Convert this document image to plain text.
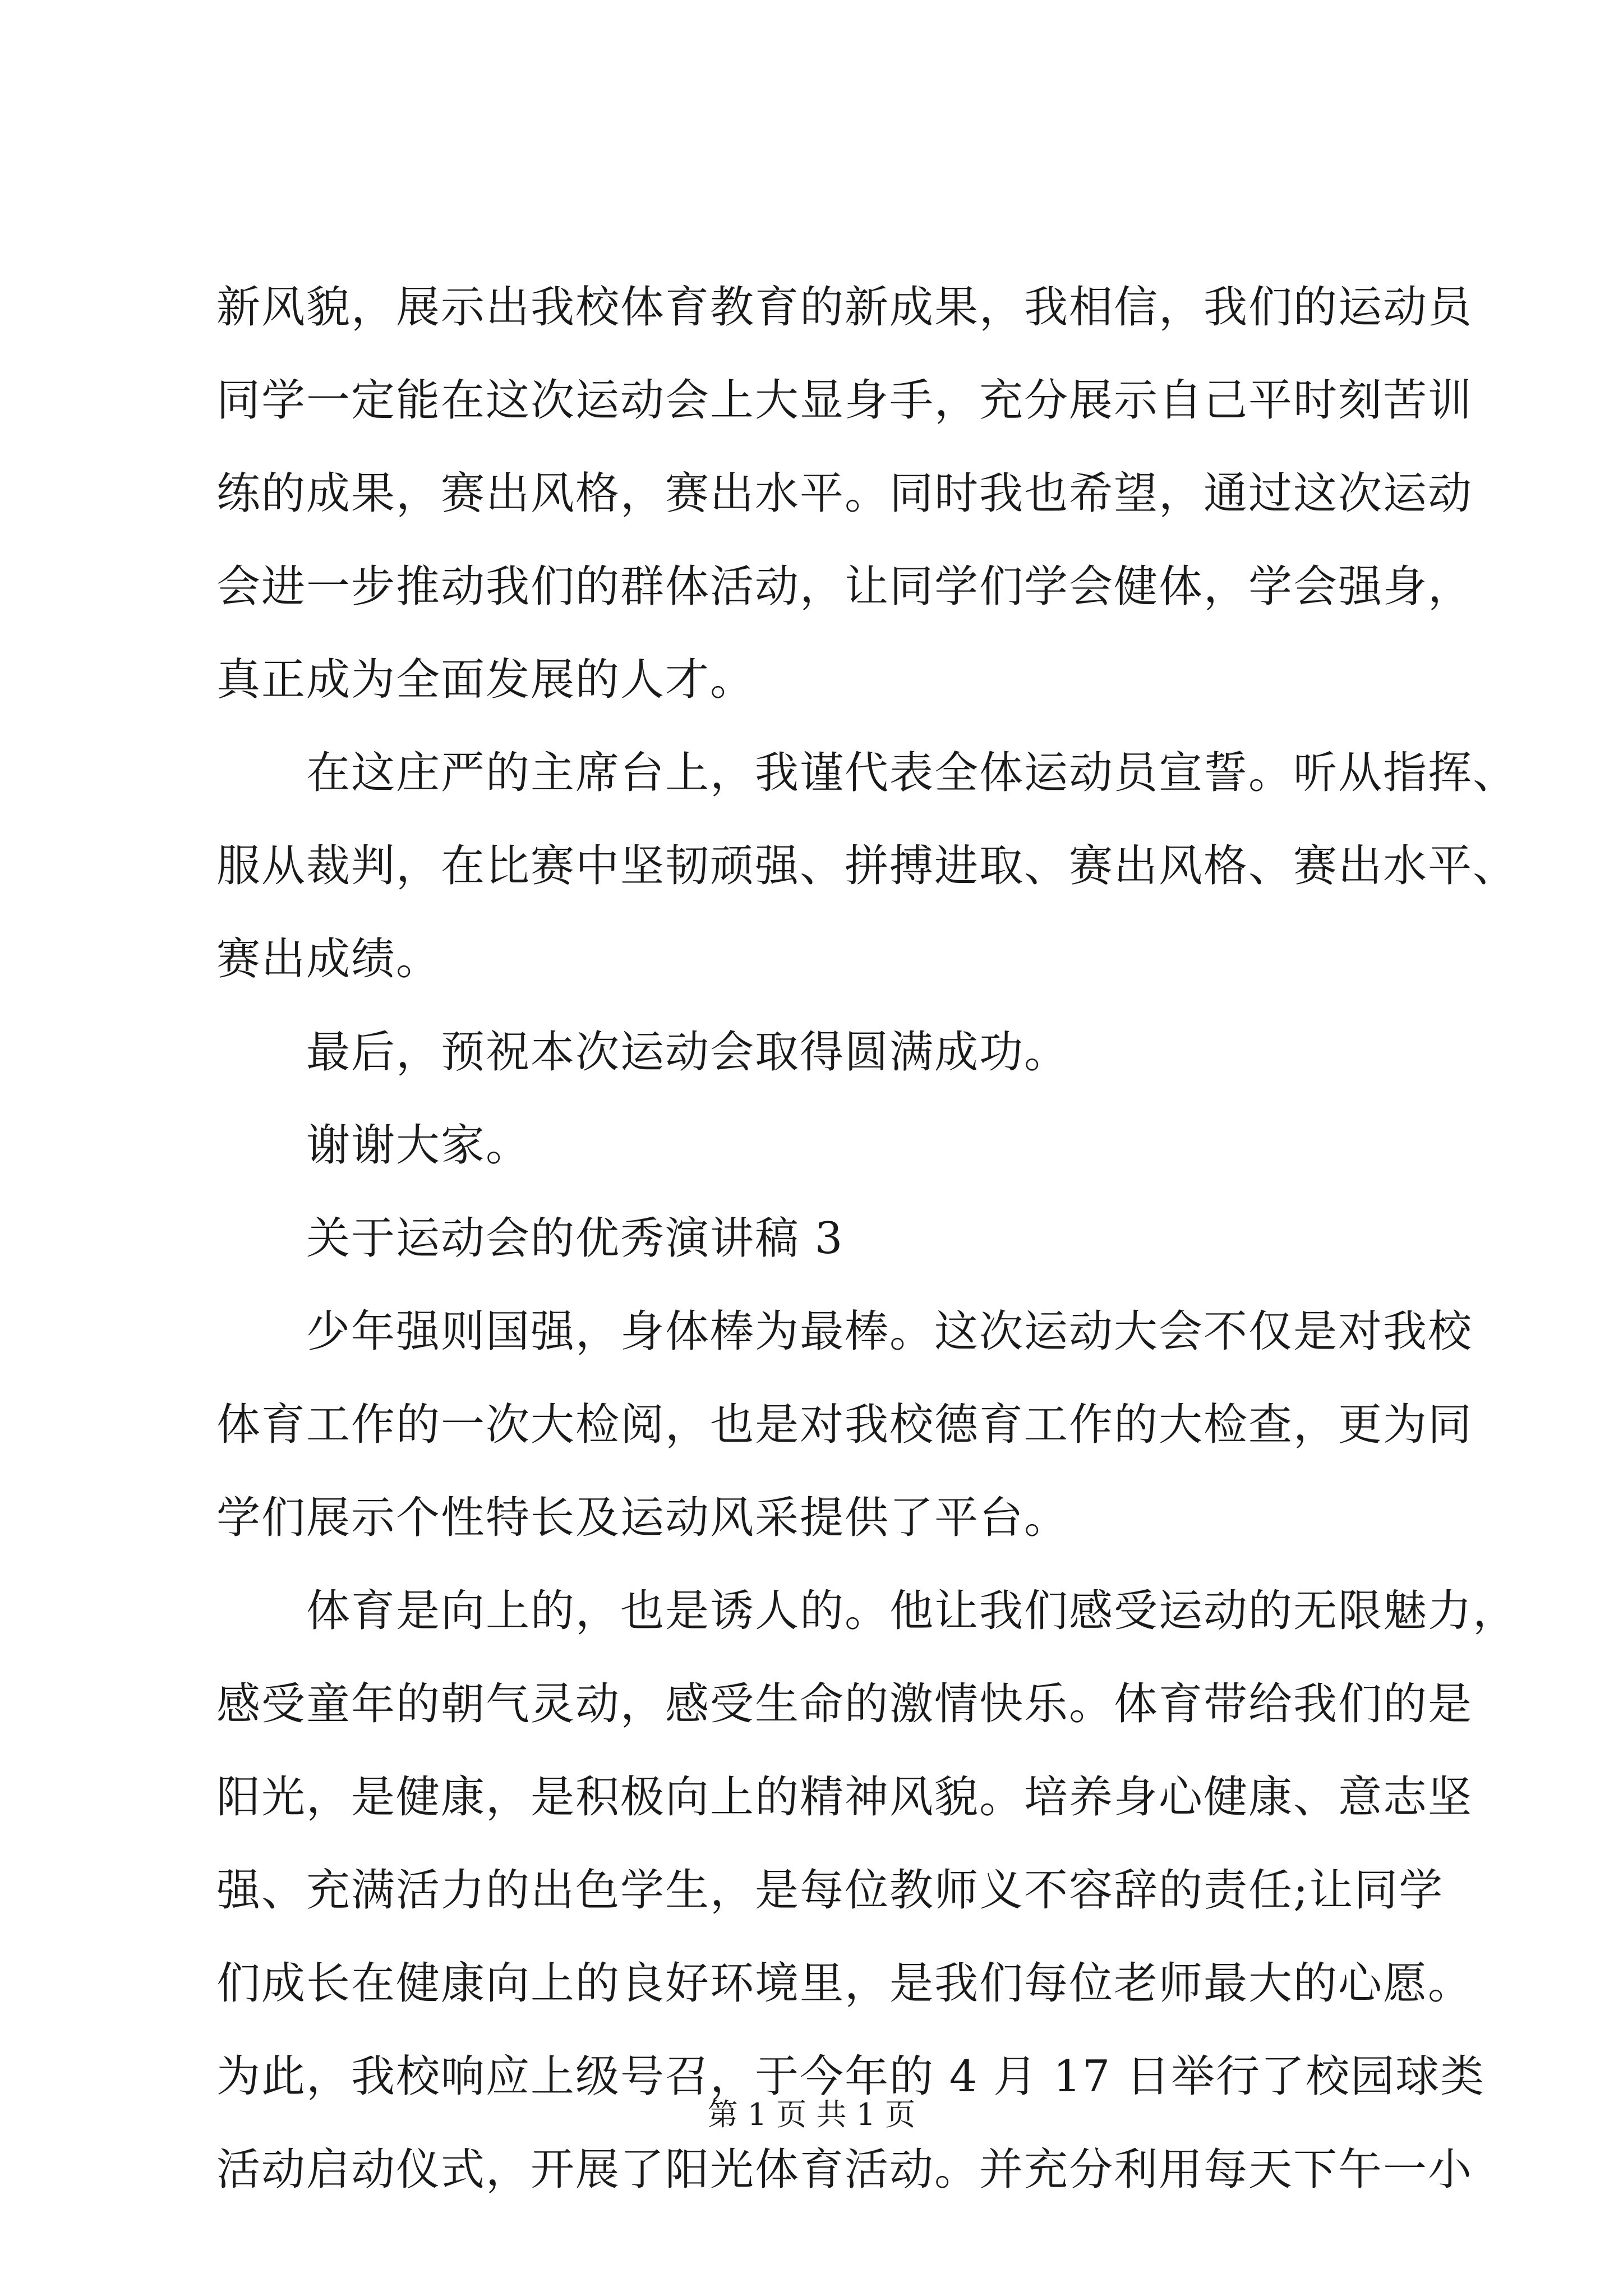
新风貌，展示出我校体育教育的新成果，我相信，我们的运动员
同学一定能在这次运动会上大显身手，充分展示自己平时刻苦训
练的成果，赛出风格，赛出水平。同时我也希望，通过这次运动
会进一步推动我们的群体活动，让同学们学会健体，学会强身，
真正成为全面发展的人才。
在这庄严的主席台上，我谨代表全体运动员宣誓。听从指挥、
服从裁判，在比赛中坚韧顽强、拼搏进取、赛出风格、赛出水平、
赛出成绩。
最后，预祝本次运动会取得圆满成功。
谢谢大家。
关于运动会的优秀演讲稿 3
少年强则国强，身体棒为最棒。这次运动大会不仅是对我校
体育工作的一次大检阅，也是对我校德育工作的大检查，更为同
学们展示个性特长及运动风采提供了平台。
体育是向上的，也是诱人的。他让我们感受运动的无限魅力，
感受童年的朝气灵动，感受生命的激情快乐。体育带给我们的是
阳光，是健康，是积极向上的精神风貌。培养身心健康、意志坚
强、充满活力的出色学生，是每位教师义不容辞的责任;让同学
们成长在健康向上的良好环境里，是我们每位老师最大的心愿。
为此，我校响应上级号召，于今年的 4 月 17 日举行了校园球类
活动启动仪式，开展了阳光体育活动。并充分利用每天下午一小
第 1 页 共 1 页
